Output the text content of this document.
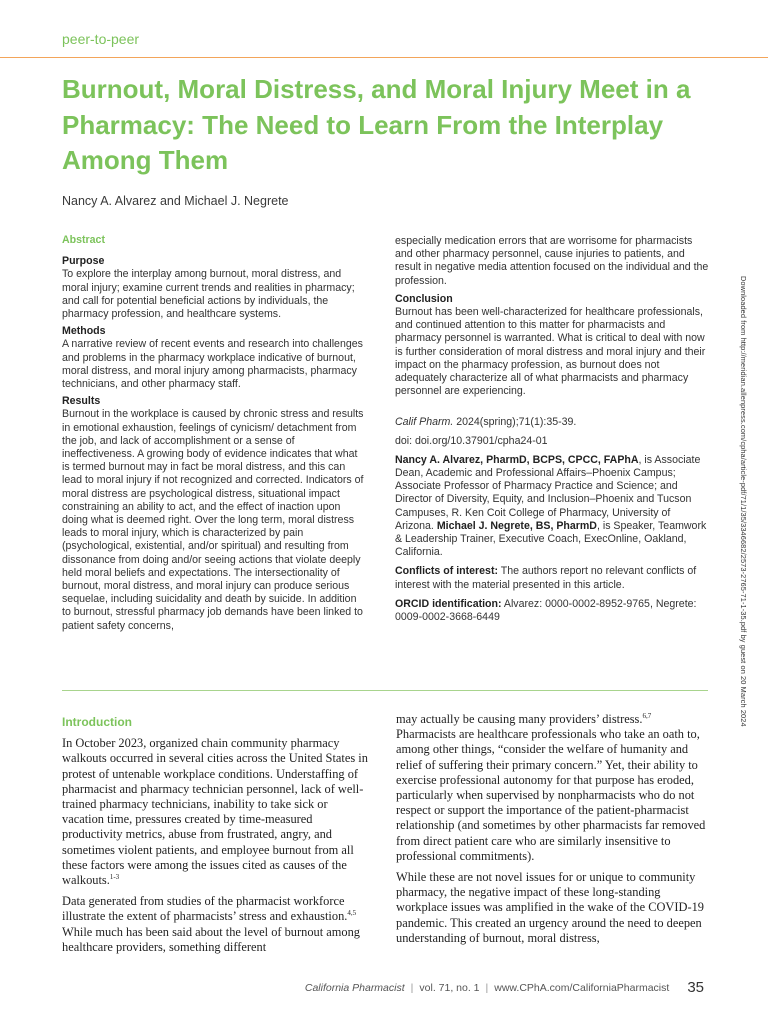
peer-to-peer
Burnout, Moral Distress, and Moral Injury Meet in a Pharmacy: The Need to Learn From the Interplay Among Them
Nancy A. Alvarez and Michael J. Negrete
Abstract
Purpose

To explore the interplay among burnout, moral distress, and moral injury; examine current trends and realities in pharmacy; and call for potential beneficial actions by individuals, the pharmacy profession, and healthcare systems.

Methods

A narrative review of recent events and research into challenges and problems in the pharmacy workplace indicative of burnout, moral distress, and moral injury among pharmacists, pharmacy technicians, and other pharmacy staff.

Results

Burnout in the workplace is caused by chronic stress and results in emotional exhaustion, feelings of cynicism/ detachment from the job, and lack of accomplishment or a sense of ineffectiveness. A growing body of evidence indicates that what is termed burnout may in fact be moral distress, and this can lead to moral injury if not recognized and corrected. Indicators of moral distress are psychological distress, situational impact constraining an ability to act, and the effect of inaction upon doing what is deemed right. Over the long term, moral distress leads to moral injury, which is characterized by pain (psychological, existential, and/or spiritual) and resulting from dissonance from doing and/or seeing actions that violate deeply held moral beliefs and expectations. The intersectionality of burnout, moral distress, and moral injury can produce serious sequelae, including suicidality and death by suicide. In addition to burnout, stressful pharmacy job demands have been linked to patient safety concerns,

especially medication errors that are worrisome for pharmacists and other pharmacy personnel, cause injuries to patients, and result in negative media attention focused on the individual and the profession.

Conclusion

Burnout has been well-characterized for healthcare professionals, and continued attention to this matter for pharmacists and pharmacy personnel is warranted. What is critical to deal with now is further consideration of moral distress and moral injury and their impact on the pharmacy profession, as burnout does not adequately characterize all of what pharmacists and pharmacy personnel are experiencing.

Calif Pharm. 2024(spring);71(1):35-39.

doi: doi.org/10.37901/cpha24-01

Nancy A. Alvarez, PharmD, BCPS, CPCC, FAPhA, is Associate Dean, Academic and Professional Affairs–Phoenix Campus; Associate Professor of Pharmacy Practice and Science; and Director of Diversity, Equity, and Inclusion–Phoenix and Tucson Campuses, R. Ken Coit College of Pharmacy, University of Arizona. Michael J. Negrete, BS, PharmD, is Speaker, Teamwork & Leadership Trainer, Executive Coach, ExecOnline, Oakland, California.

Conflicts of interest: The authors report no relevant conflicts of interest with the material presented in this article.

ORCID identification: Alvarez: 0000-0002-8952-9765, Negrete: 0009-0002-3668-6449

Introduction

In October 2023, organized chain community pharmacy walkouts occurred in several cities across the United States in protest of untenable workplace conditions. Understaffing of pharmacist and pharmacy technician personnel, lack of well-trained pharmacy technicians, inability to take sick or vacation time, pressures created by time-measured productivity metrics, abuse from frustrated, angry, and sometimes violent patients, and employee burnout from all these factors were among the issues cited as causes of the walkouts.$^{1-3}$

Data generated from studies of the pharmacist workforce illustrate the extent of pharmacists’ stress and exhaustion.$^{4,5}$ While much has been said about the level of burnout among healthcare providers, something different

may actually be causing many providers’ distress.$^{6,7}$ Pharmacists are healthcare professionals who take an oath to, among other things, “consider the welfare of humanity and relief of suffering their primary concern.” Yet, their ability to exercise professional autonomy for that purpose has eroded, particularly when supervised by nonpharmacists who do not respect or support the importance of the patient-pharmacist relationship (and sometimes by other pharmacists far removed from direct patient care who are similarly insensitive to professional commitments).

While these are not novel issues for or unique to community pharmacy, the negative impact of these long-standing workplace issues was amplified in the wake of the COVID-19 pandemic. This created an urgency around the need to deepen understanding of burnout, moral distress,

Downloaded from http://meridian.allenpress.com/cpha/article-pdf/71/1/35/3346682/2573-2765-71-1-35.pdf by guest on 20 March 2024
California Pharmacist | vol. 71, no. 1 | www.CPhA.com/CaliforniaPharmacist 35
